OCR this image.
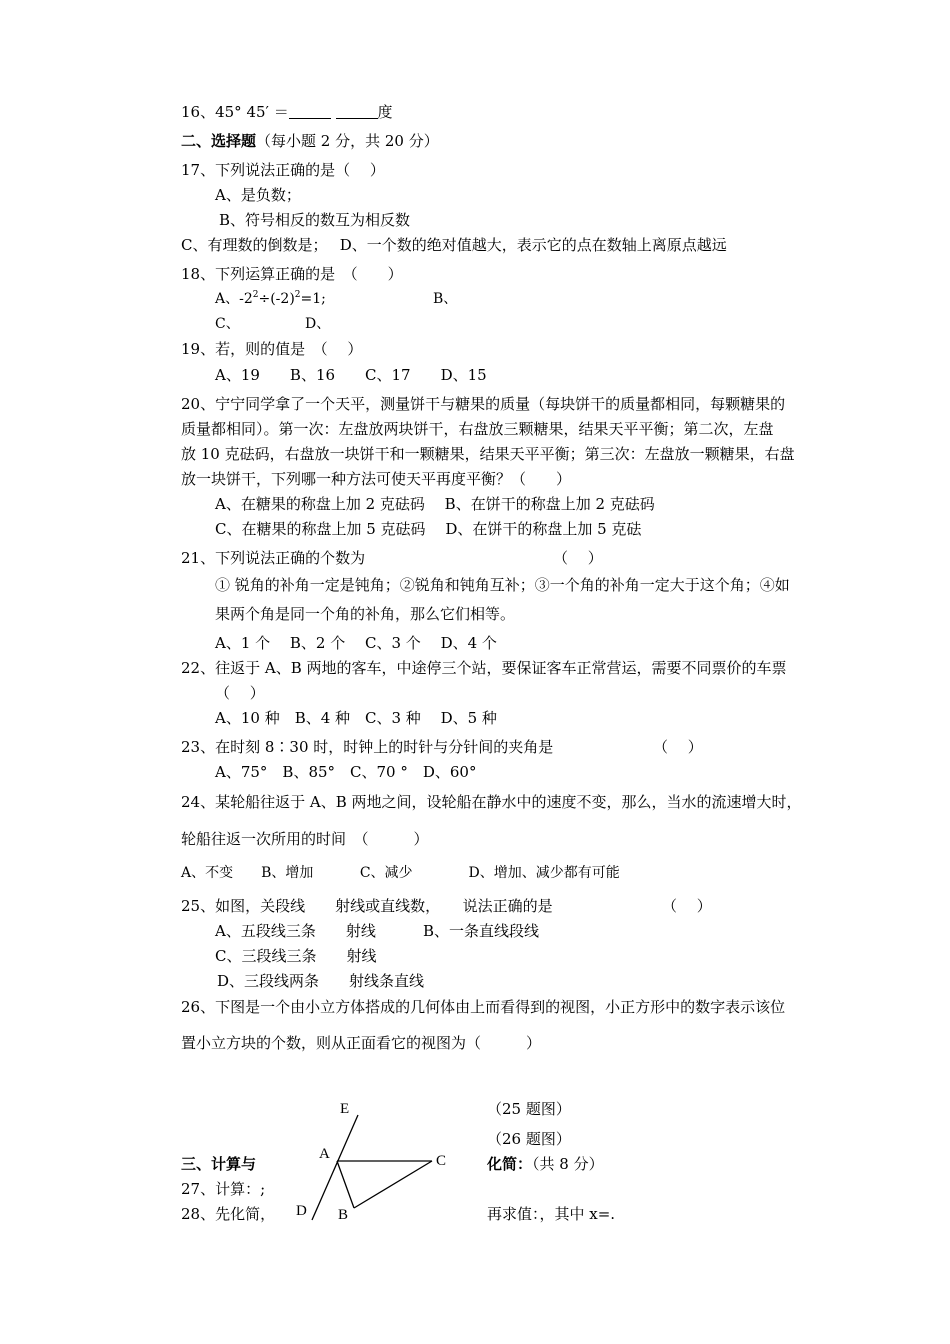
16、45° 45′ ＝	度
二、选择题（每小题 2 分，共 20 分）
17、下列说法正确的是（　 ）
A、是负数；
B、符号相反的数互为相反数
C、有理数的倒数是；　 D、一个数的绝对值越大，表示它的点在数轴上离原点越远
18、下列运算正确的是　（　　）
A、$-2^2\div(-2)^2=1$;	B、
C、	D、
19、若，则的值是　（　 ）
A、19　　B、16　　C、17　　D、15
20、宁宁同学拿了一个天平，测量饼干与糖果的质量（每块饼干的质量都相同，每颗糖果的
质量都相同）。第一次：左盘放两块饼干，右盘放三颗糖果，结果天平平衡；第二次，左盘
放 10 克砝码，右盘放一块饼干和一颗糖果，结果天平平衡；第三次：左盘放一颗糖果，右盘
放一块饼干，下列哪一种方法可使天平再度平衡？（　　）
A、在糖果的称盘上加 2 克砝码　 B、在饼干的称盘上加 2 克砝码
C、在糖果的称盘上加 5 克砝码　 D、在饼干的称盘上加 5 克砝
21、下列说法正确的个数为	（　 ）
① 锐角的补角一定是钝角；②锐角和钝角互补；③一个角的补角一定大于这个角；④如
果两个角是同一个角的补角，那么它们相等。
A、1 个　 B、2 个　 C、3 个　 D、4 个
22、往返于 A、B 两地的客车，中途停三个站，要保证客车正常营运，需要不同票价的车票
（　 ）
A、10 种　B、4 种　C、3 种　 D、5 种
23、在时刻 8∶30 时，时钟上的时针与分针间的夹角是	（　 ）
A、75°　B、85°　C、70 °　D、60°
24、某轮船往返于 A、B 两地之间，设轮船在静水中的速度不变，那么，当水的流速增大时，
轮船往返一次所用的时间　（　　　）
A、不变　　B、增加　　　 C、减少　　　　D、增加、减少都有可能
25、如图，关段线　　射线或直线数，　　说法正确的是	（　 ）
A、五段线三条　　射线	B、一条直线段线
C、三段线三条　　射线
D、三段线两条　　射线条直线
26、下图是一个由小立方体搭成的几何体由上而看得到的视图，小正方形中的数字表示该位
置小立方块的个数，则从正面看它的视图为（　　　）
E
A	C
D B
（25 题图）
（26 题图）
三、计算与	化简：（共 8 分）
27、计算：;
28、先化简，	再求值：，其中 x=.
